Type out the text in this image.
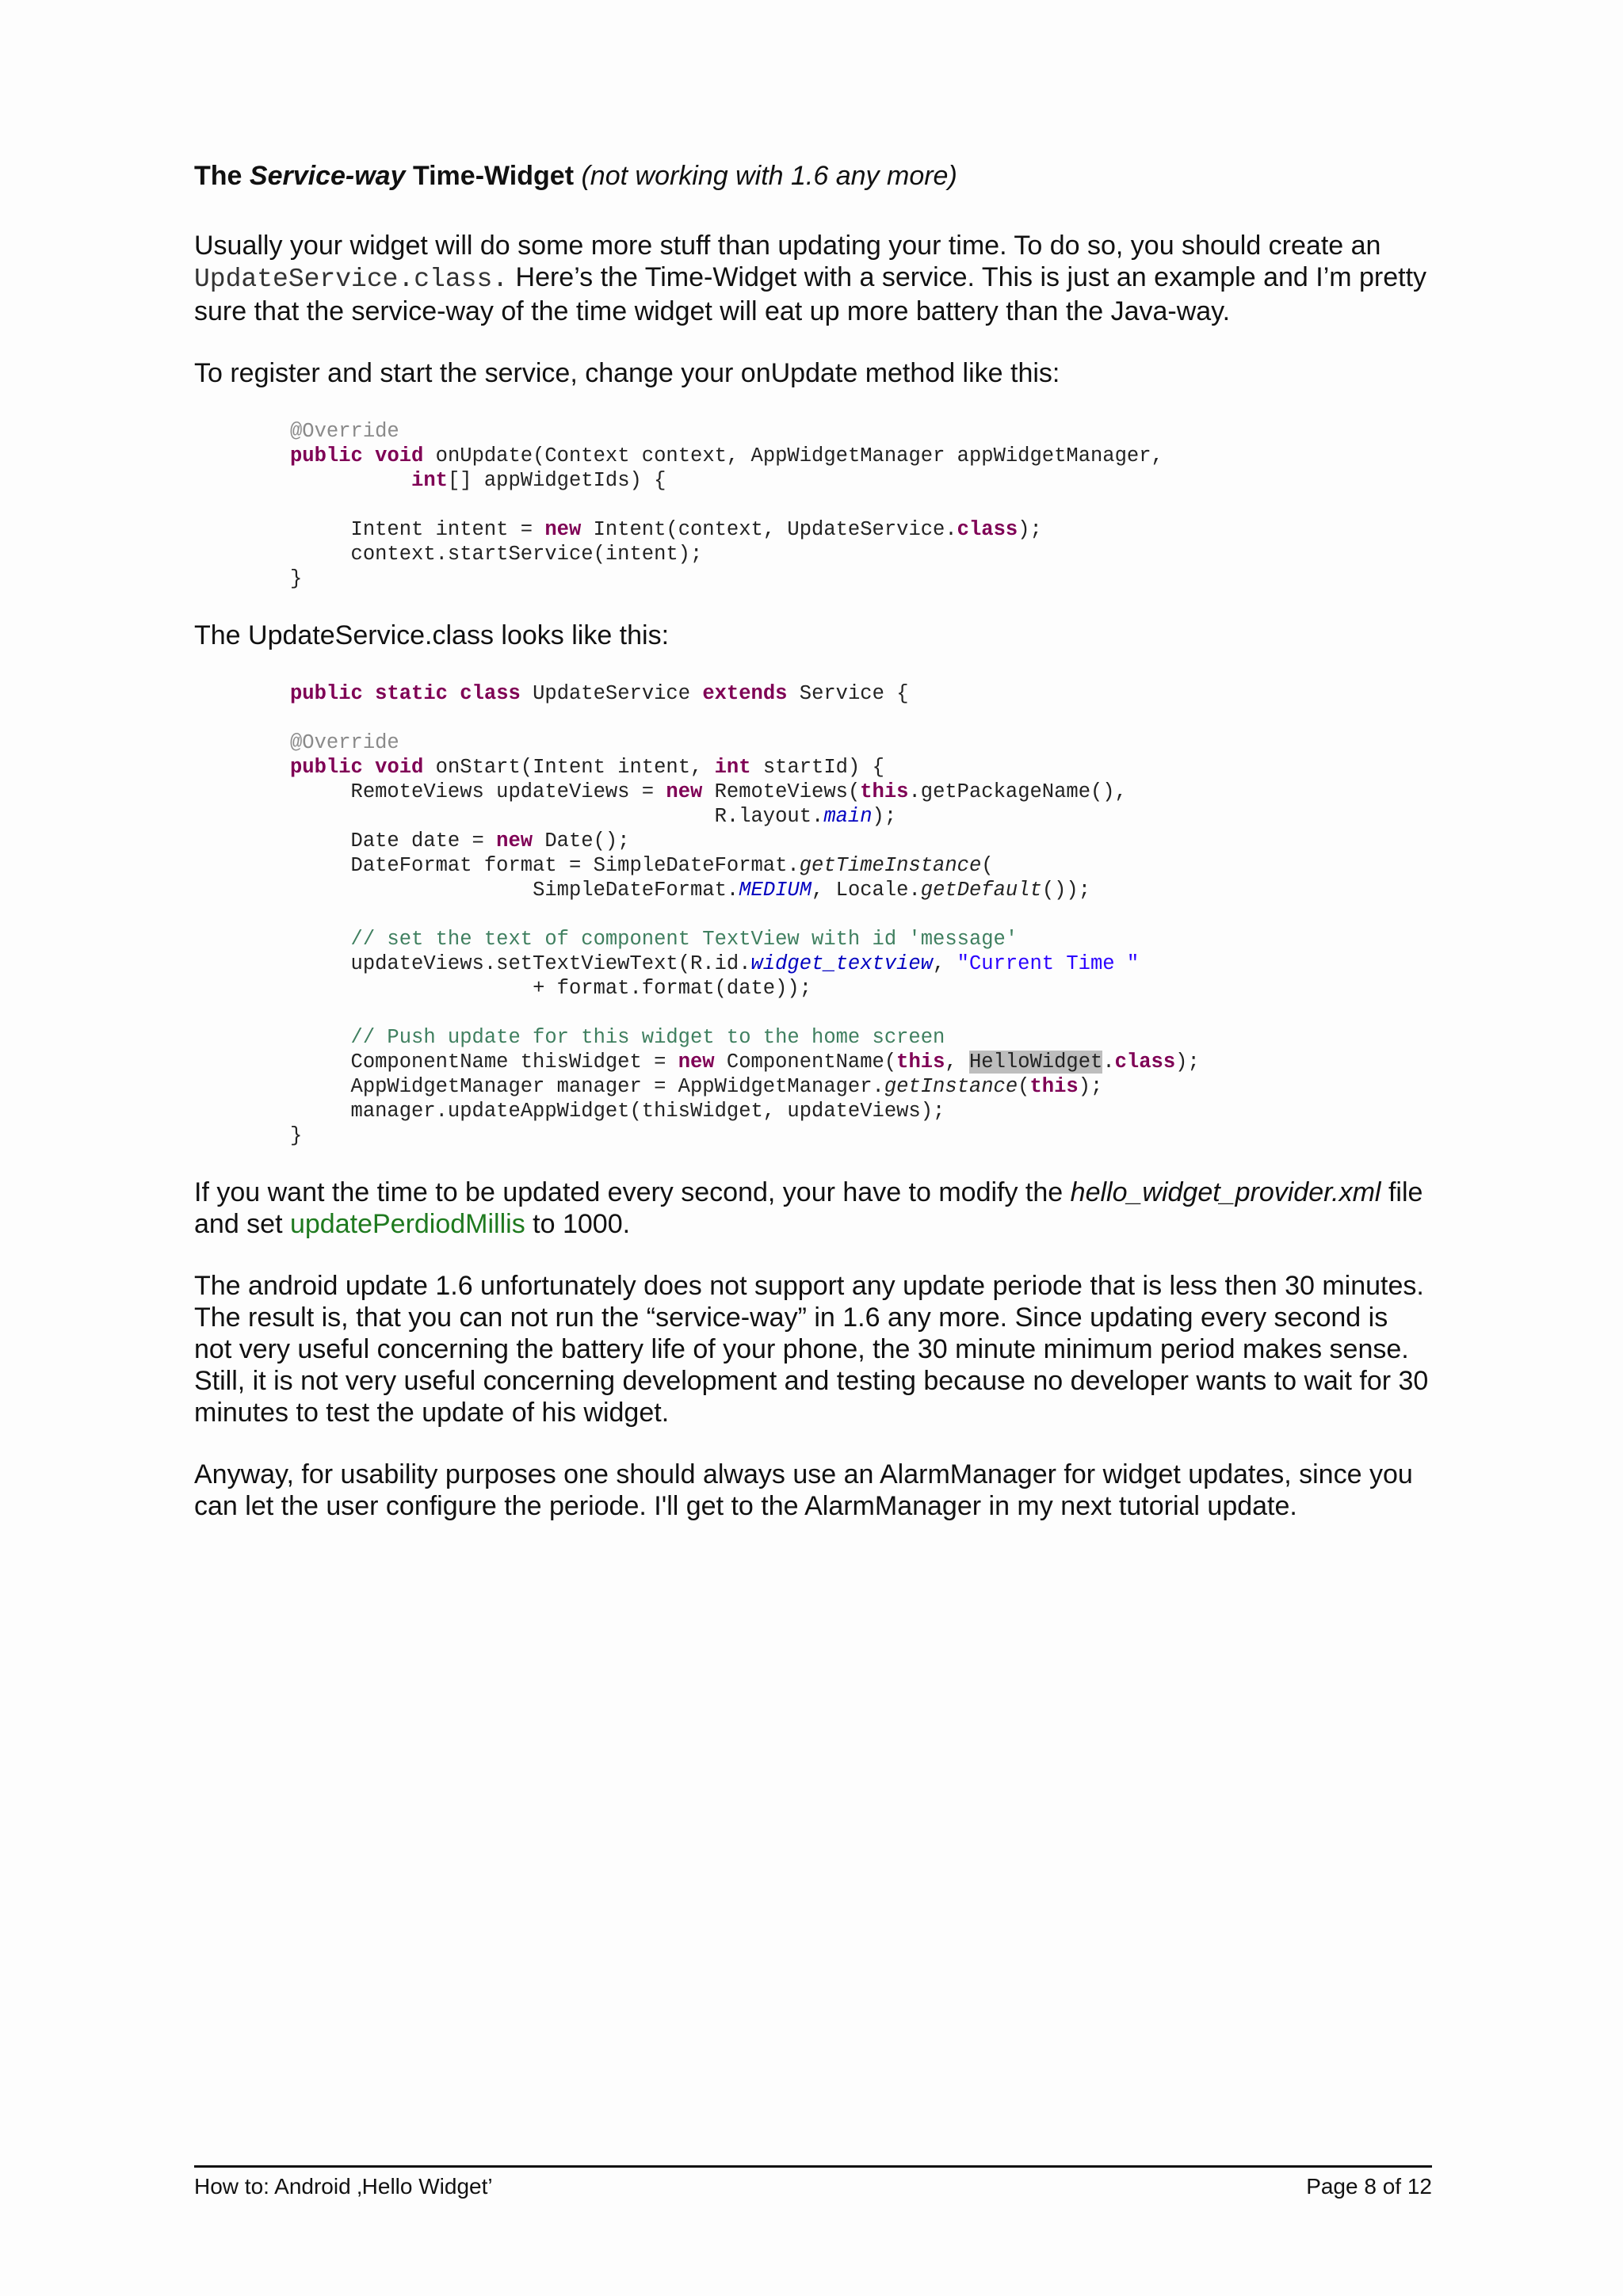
The Service-way Time-Widget (not working with 1.6 any more)

Usually your widget will do some more stuff than updating your time. To do so, you should create an UpdateService.class. Here’s the Time-Widget with a service. This is just an example and I’m pretty sure that the service-way of the time widget will eat up more battery than the Java-way.

To register and start the service, change your onUpdate method like this:

@Override
public void onUpdate(Context context, AppWidgetManager appWidgetManager,
int[] appWidgetIds) {

Intent intent = new Intent(context, UpdateService.class);
context.startService(intent);
}

The UpdateService.class looks like this:

public static class UpdateService extends Service {

@Override
public void onStart(Intent intent, int startId) {
RemoteViews updateViews = new RemoteViews(this.getPackageName(),
R.layout.main);
Date date = new Date();
DateFormat format = SimpleDateFormat.getTimeInstance(
SimpleDateFormat.MEDIUM, Locale.getDefault());

// set the text of component TextView with id 'message'
updateViews.setTextViewText(R.id.widget_textview, "Current Time "
+ format.format(date));

// Push update for this widget to the home screen
ComponentName thisWidget = new ComponentName(this, HelloWidget.class);
AppWidgetManager manager = AppWidgetManager.getInstance(this);
manager.updateAppWidget(thisWidget, updateViews);
}

If you want the time to be updated every second, your have to modify the hello_widget_provider.xml file and set updatePerdiodMillis to 1000.

The android update 1.6 unfortunately does not support any update periode that is less then 30 minutes. The result is, that you can not run the “service-way” in 1.6 any more. Since updating every second is not very useful concerning the battery life of your phone, the 30 minute minimum period makes sense. Still, it is not very useful concerning development and testing because no developer wants to wait for 30 minutes to test the update of his widget.

Anyway, for usability purposes one should always use an AlarmManager for widget updates, since you can let the user configure the periode. I'll get to the AlarmManager in my next tutorial update.

How to: Android ‚Hello Widget’	Page 8 of 12
